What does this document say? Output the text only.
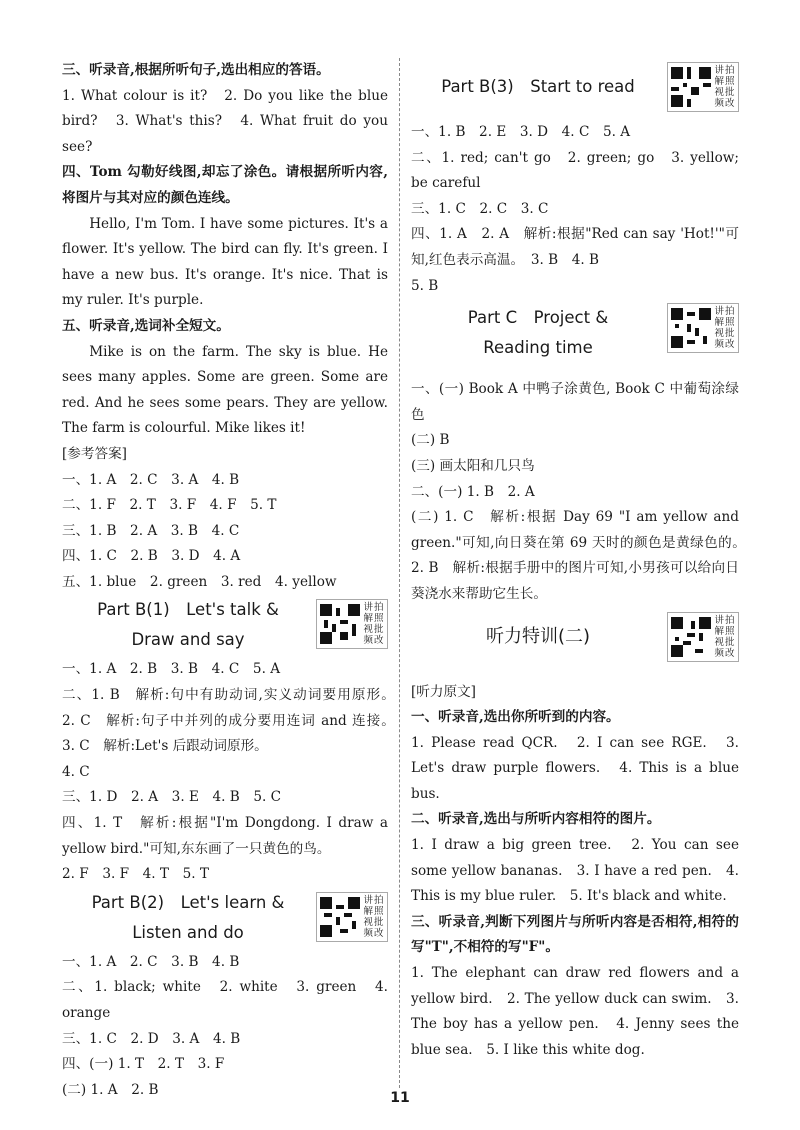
三、听录音,根据所听句子,选出相应的答语。

1. What colour is it?　2. Do you like the blue bird?　3. What's this?　4. What fruit do you see?

四、Tom 勾勒好线图,却忘了涂色。请根据所听内容,将图片与其对应的颜色连线。

Hello, I'm Tom. I have some pictures. It's a flower. It's yellow. The bird can fly. It's green. I have a new bus. It's orange. It's nice. That is my ruler. It's purple.

五、听录音,选词补全短文。

Mike is on the farm. The sky is blue. He sees many apples. Some are green. Some are red. And he sees some pears. They are yellow. The farm is colourful. Mike likes it!

[参考答案]

一、1. A　2. C　3. A　4. B

二、1. F　2. T　3. F　4. F　5. T

三、1. B　2. A　3. B　4. C

四、1. C　2. B　3. D　4. A

五、1. blue　2. green　3. red　4. yellow

Part B(1)　Let's talk &
Draw and say
讲拍解照视批频改

一、1. A　2. B　3. B　4. C　5. A

二、1. B　解析:句中有助动词,实义动词要用原形。　2. C　解析:句子中并列的成分要用连词 and 连接。　3. C　解析:Let's 后跟动词原形。

4. C

三、1. D　2. A　3. E　4. B　5. C

四、1. T　解析:根据"I'm Dongdong. I draw a yellow bird."可知,东东画了一只黄色的鸟。

2. F　3. F　4. T　5. T

Part B(2)　Let's learn &
Listen and do
讲拍解照视批频改

一、1. A　2. C　3. B　4. B

二、1. black; white　2. white　3. green　4. orange

三、1. C　2. D　3. A　4. B

四、(一) 1. T　2. T　3. F

(二) 1. A　2. B

Part B(3)　Start to read
讲拍解照视批频改

一、1. B　2. E　3. D　4. C　5. A

二、1. red; can't go　2. green; go　3. yellow; be careful

三、1. C　2. C　3. C

四、1. A　2. A　解析:根据"Red can say 'Hot!'"可知,红色表示高温。　3. B　4. B

5. B

Part C　Project &
Reading time
讲拍解照视批频改

一、(一) Book A 中鸭子涂黄色, Book C 中葡萄涂绿色

(二) B

(三) 画太阳和几只鸟

二、(一) 1. B　2. A

(二) 1. C　解析:根据 Day 69 "I am yellow and green."可知,向日葵在第 69 天时的颜色是黄绿色的。　2. B　解析:根据手册中的图片可知,小男孩可以给向日葵浇水来帮助它生长。

听力特训(二)
讲拍解照视批频改

[听力原文]

一、听录音,选出你所听到的内容。

1. Please read QCR.　2. I can see RGE.　3. Let's draw purple flowers.　4. This is a blue bus.

二、听录音,选出与所听内容相符的图片。

1. I draw a big green tree.　2. You can see some yellow bananas.　3. I have a red pen.　4. This is my blue ruler.　5. It's black and white.

三、听录音,判断下列图片与所听内容是否相符,相符的写"T",不相符的写"F"。

1. The elephant can draw red flowers and a yellow bird.　2. The yellow duck can swim.　3. The boy has a yellow pen.　4. Jenny sees the blue sea.　5. I like this white dog.

11
